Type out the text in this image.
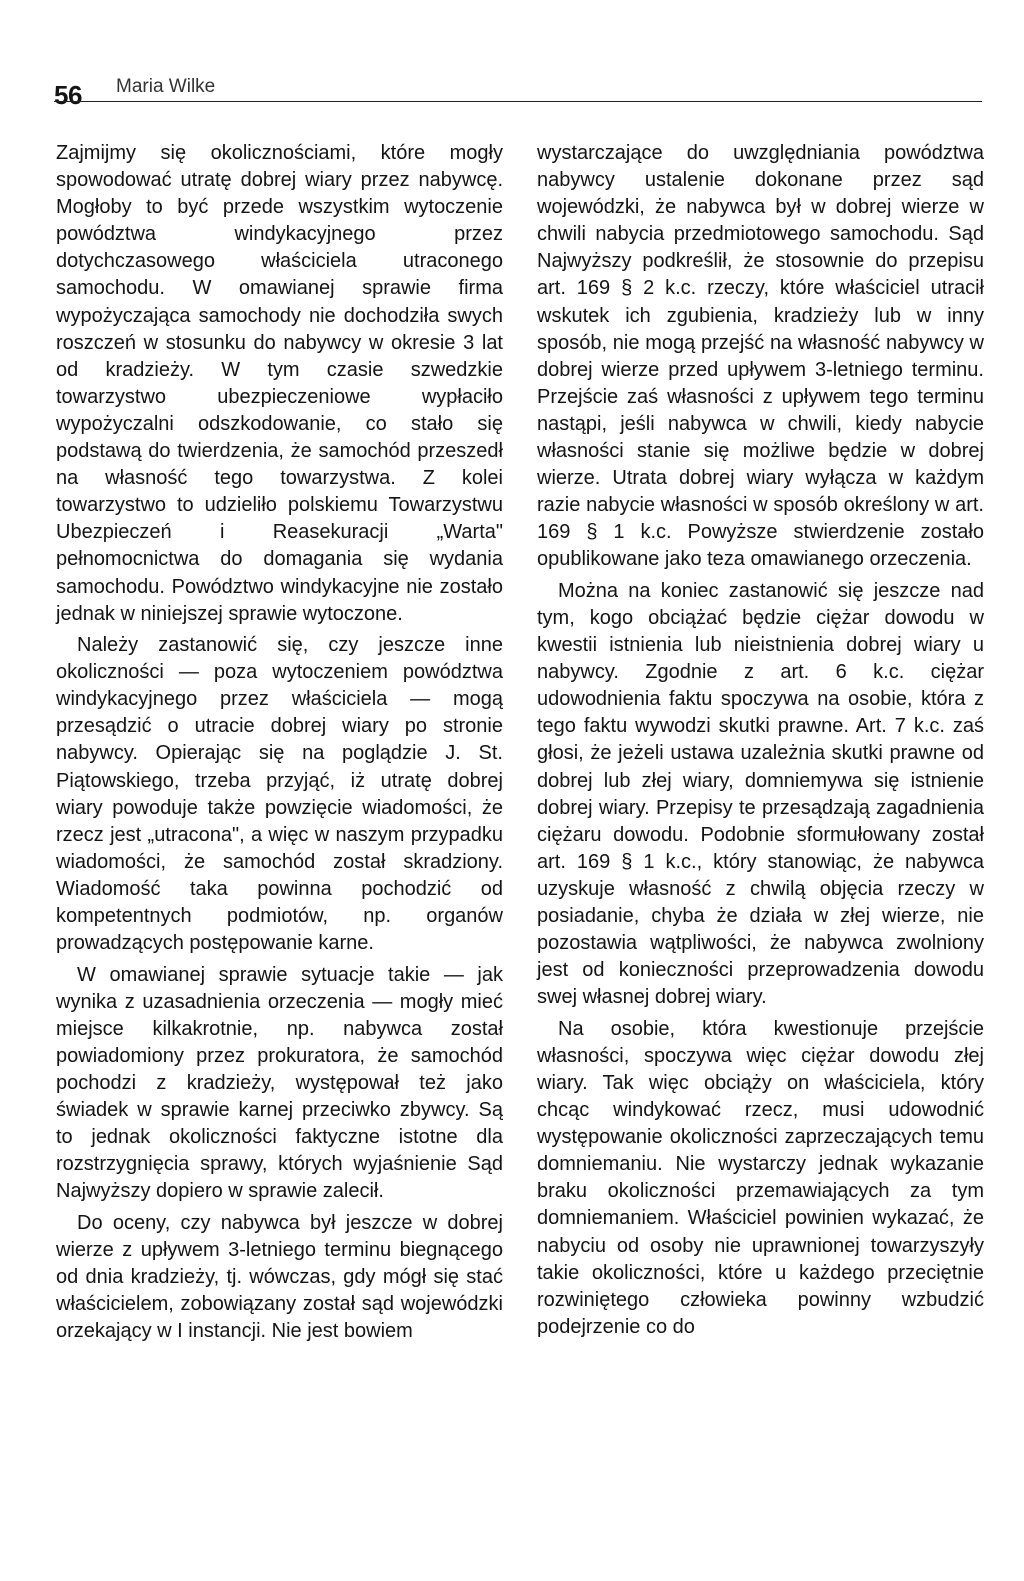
56 Maria Wilke

Zajmijmy się okolicznościami, które mogły spowodować utratę dobrej wiary przez nabywcę. Mogłoby to być przede wszystkim wytoczenie powództwa windykacyjnego przez dotychczasowego właściciela utraconego samochodu. W omawianej sprawie firma wypożyczająca samochody nie dochodziła swych roszczeń w stosunku do nabywcy w okresie 3 lat od kradzieży. W tym czasie szwedzkie towarzystwo ubezpieczeniowe wypłaciło wypożyczalni odszkodowanie, co stało się podstawą do twierdzenia, że samochód przeszedł na własność tego towarzystwa. Z kolei towarzystwo to udzieliło polskiemu Towarzystwu Ubezpieczeń i Reasekuracji „Warta" pełnomocnictwa do domagania się wydania samochodu. Powództwo windykacyjne nie zostało jednak w niniejszej sprawie wytoczone.

Należy zastanowić się, czy jeszcze inne okoliczności — poza wytoczeniem powództwa windykacyjnego przez właściciela — mogą przesądzić o utracie dobrej wiary po stronie nabywcy. Opierając się na poglądzie J. St. Piątowskiego, trzeba przyjąć, iż utratę dobrej wiary powoduje także powzięcie wiadomości, że rzecz jest „utracona", a więc w naszym przypadku wiadomości, że samochód został skradziony. Wiadomość taka powinna pochodzić od kompetentnych podmiotów, np. organów prowadzących postępowanie karne.

W omawianej sprawie sytuacje takie — jak wynika z uzasadnienia orzeczenia — mogły mieć miejsce kilkakrotnie, np. nabywca został powiadomiony przez prokuratora, że samochód pochodzi z kradzieży, występował też jako świadek w sprawie karnej przeciwko zbywcy. Są to jednak okoliczności faktyczne istotne dla rozstrzygnięcia sprawy, których wyjaśnienie Sąd Najwyższy dopiero w sprawie zalecił.

Do oceny, czy nabywca był jeszcze w dobrej wierze z upływem 3-letniego terminu biegnącego od dnia kradzieży, tj. wówczas, gdy mógł się stać właścicielem, zobowiązany został sąd wojewódzki orzekający w I instancji. Nie jest bowiem

wystarczające do uwzględniania powództwa nabywcy ustalenie dokonane przez sąd wojewódzki, że nabywca był w dobrej wierze w chwili nabycia przedmiotowego samochodu. Sąd Najwyższy podkreślił, że stosownie do przepisu art. 169 § 2 k.c. rzeczy, które właściciel utracił wskutek ich zgubienia, kradzieży lub w inny sposób, nie mogą przejść na własność nabywcy w dobrej wierze przed upływem 3-letniego terminu. Przejście zaś własności z upływem tego terminu nastąpi, jeśli nabywca w chwili, kiedy nabycie własności stanie się możliwe będzie w dobrej wierze. Utrata dobrej wiary wyłącza w każdym razie nabycie własności w sposób określony w art. 169 § 1 k.c. Powyższe stwierdzenie zostało opublikowane jako teza omawianego orzeczenia.

Można na koniec zastanowić się jeszcze nad tym, kogo obciążać będzie ciężar dowodu w kwestii istnienia lub nieistnienia dobrej wiary u nabywcy. Zgodnie z art. 6 k.c. ciężar udowodnienia faktu spoczywa na osobie, która z tego faktu wywodzi skutki prawne. Art. 7 k.c. zaś głosi, że jeżeli ustawa uzależnia skutki prawne od dobrej lub złej wiary, domniemywa się istnienie dobrej wiary. Przepisy te przesądzają zagadnienia ciężaru dowodu. Podobnie sformułowany został art. 169 § 1 k.c., który stanowiąc, że nabywca uzyskuje własność z chwilą objęcia rzeczy w posiadanie, chyba że działa w złej wierze, nie pozostawia wątpliwości, że nabywca zwolniony jest od konieczności przeprowadzenia dowodu swej własnej dobrej wiary.

Na osobie, która kwestionuje przejście własności, spoczywa więc ciężar dowodu złej wiary. Tak więc obciąży on właściciela, który chcąc windykować rzecz, musi udowodnić występowanie okoliczności zaprzeczających temu domniemaniu. Nie wystarczy jednak wykazanie braku okoliczności przemawiających za tym domniemaniem. Właściciel powinien wykazać, że nabyciu od osoby nie uprawnionej towarzyszyły takie okoliczności, które u każdego przeciętnie rozwiniętego człowieka powinny wzbudzić podejrzenie co do
